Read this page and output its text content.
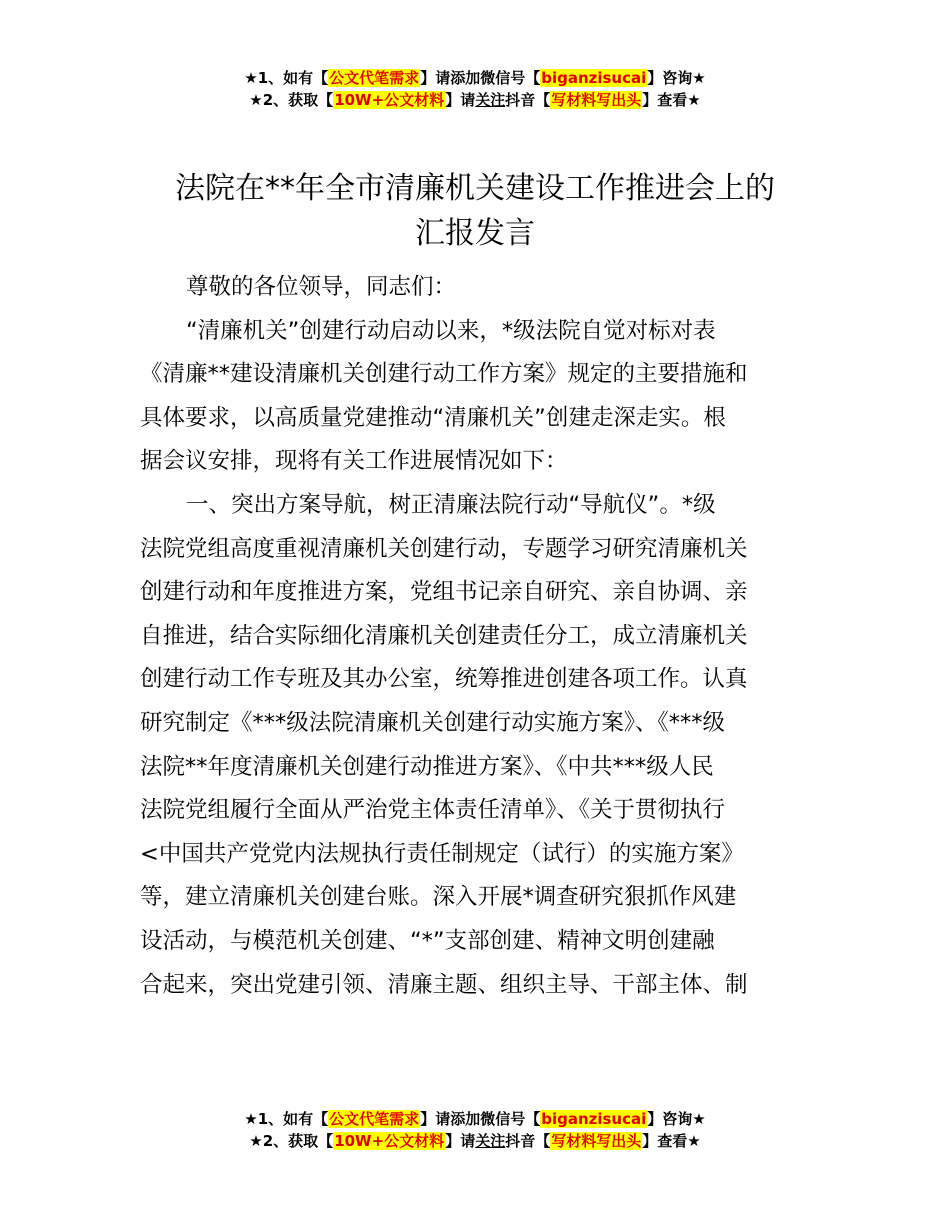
★1、如有【公文代笔需求】请添加微信号【biganzisucai】咨询★
★2、获取【10W+公文材料】请关注抖音【写材料写出头】查看★
法院在**年全市清廉机关建设工作推进会上的
汇报发言
尊敬的各位领导，同志们：
“清廉机关”创建行动启动以来，*级法院自觉对标对表
《清廉**建设清廉机关创建行动工作方案》规定的主要措施和
具体要求，以高质量党建推动“清廉机关”创建走深走实。根
据会议安排，现将有关工作进展情况如下：
一、突出方案导航，树正清廉法院行动“导航仪”。*级
法院党组高度重视清廉机关创建行动，专题学习研究清廉机关
创建行动和年度推进方案，党组书记亲自研究、亲自协调、亲
自推进，结合实际细化清廉机关创建责任分工，成立清廉机关
创建行动工作专班及其办公室，统筹推进创建各项工作。认真
研究制定《***级法院清廉机关创建行动实施方案》、《***级
法院**年度清廉机关创建行动推进方案》、《中共***级人民
法院党组履行全面从严治党主体责任清单》、《关于贯彻执行
<中国共产党党内法规执行责任制规定（试行）的实施方案》
等，建立清廉机关创建台账。深入开展*调查研究狠抓作风建
设活动，与模范机关创建、“*”支部创建、精神文明创建融
合起来，突出党建引领、清廉主题、组织主导、干部主体、制
★1、如有【公文代笔需求】请添加微信号【biganzisucai】咨询★
★2、获取【10W+公文材料】请关注抖音【写材料写出头】查看★
